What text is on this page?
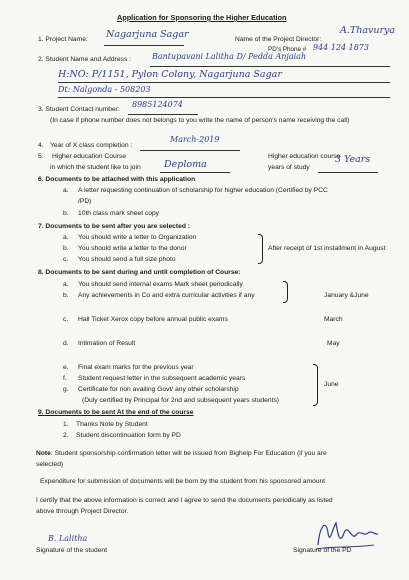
Application for Sponsoring the Higher Education
1. Project Name: Nagarjuna Sagar	Name of the Project Director:
A.Thavurya
PD's Phone # 944 124 1873
2. Student Name and Address :	Bantupavani Lalitha D/ Pedda Anjaiah
H:NO: P/1151, Pylon Colony, Nagarjuna Sagar
Dt: Nalgonda - 508203
3. Student Contact number:
8985124074
(In case if phone number does not belongs to you write the name of person's name receiving the call)
4. Year of X class completion :
March-2019
5. Higher education Course
in which the student like to join Deploma
Higher education course
years of study
3 Years
6. Documents to be attached with this application
a. A letter requesting continuation of scholarship for higher education (Certified by PCC
/PD)
b. 10th class mark sheet copy
7. Documents to be sent after you are selected :
a. You should write a letter to Organization
b. You should write a letter to the donor
c. You should send a full size photo
After receipt of 1st installment in August
8. Documents to be sent during and until completion of Course:
a. You should send internal exams Mark sheet periodically
b. Any achievements in Co and extra curricular activities if any	January &June
c. Hall Ticket Xerox copy before annual public exams	March
d. Intimation of Result	May
e. Final exam marks for the previous year
f. Student request letter in the subsequent academic years
g. Certificate for non availing Govt/ any other scholarship
(Duly certified by Principal for 2nd and subsequent years students)
June
9. Documents to be sent At the end of the course
1. Thanks Note by Student
2. Student discontinuation form by PD
Note: Student sponsorship confirmation letter will be issued from Bighelp For Education (if you are
selected)
Expenditure for submission of documents will be born by the student from his sponsored amount
I certify that the above information is correct and I agree to send the documents periodically as listed
above through Project Director.
B. Lalitha
Signature of the student	Signature of the PD
